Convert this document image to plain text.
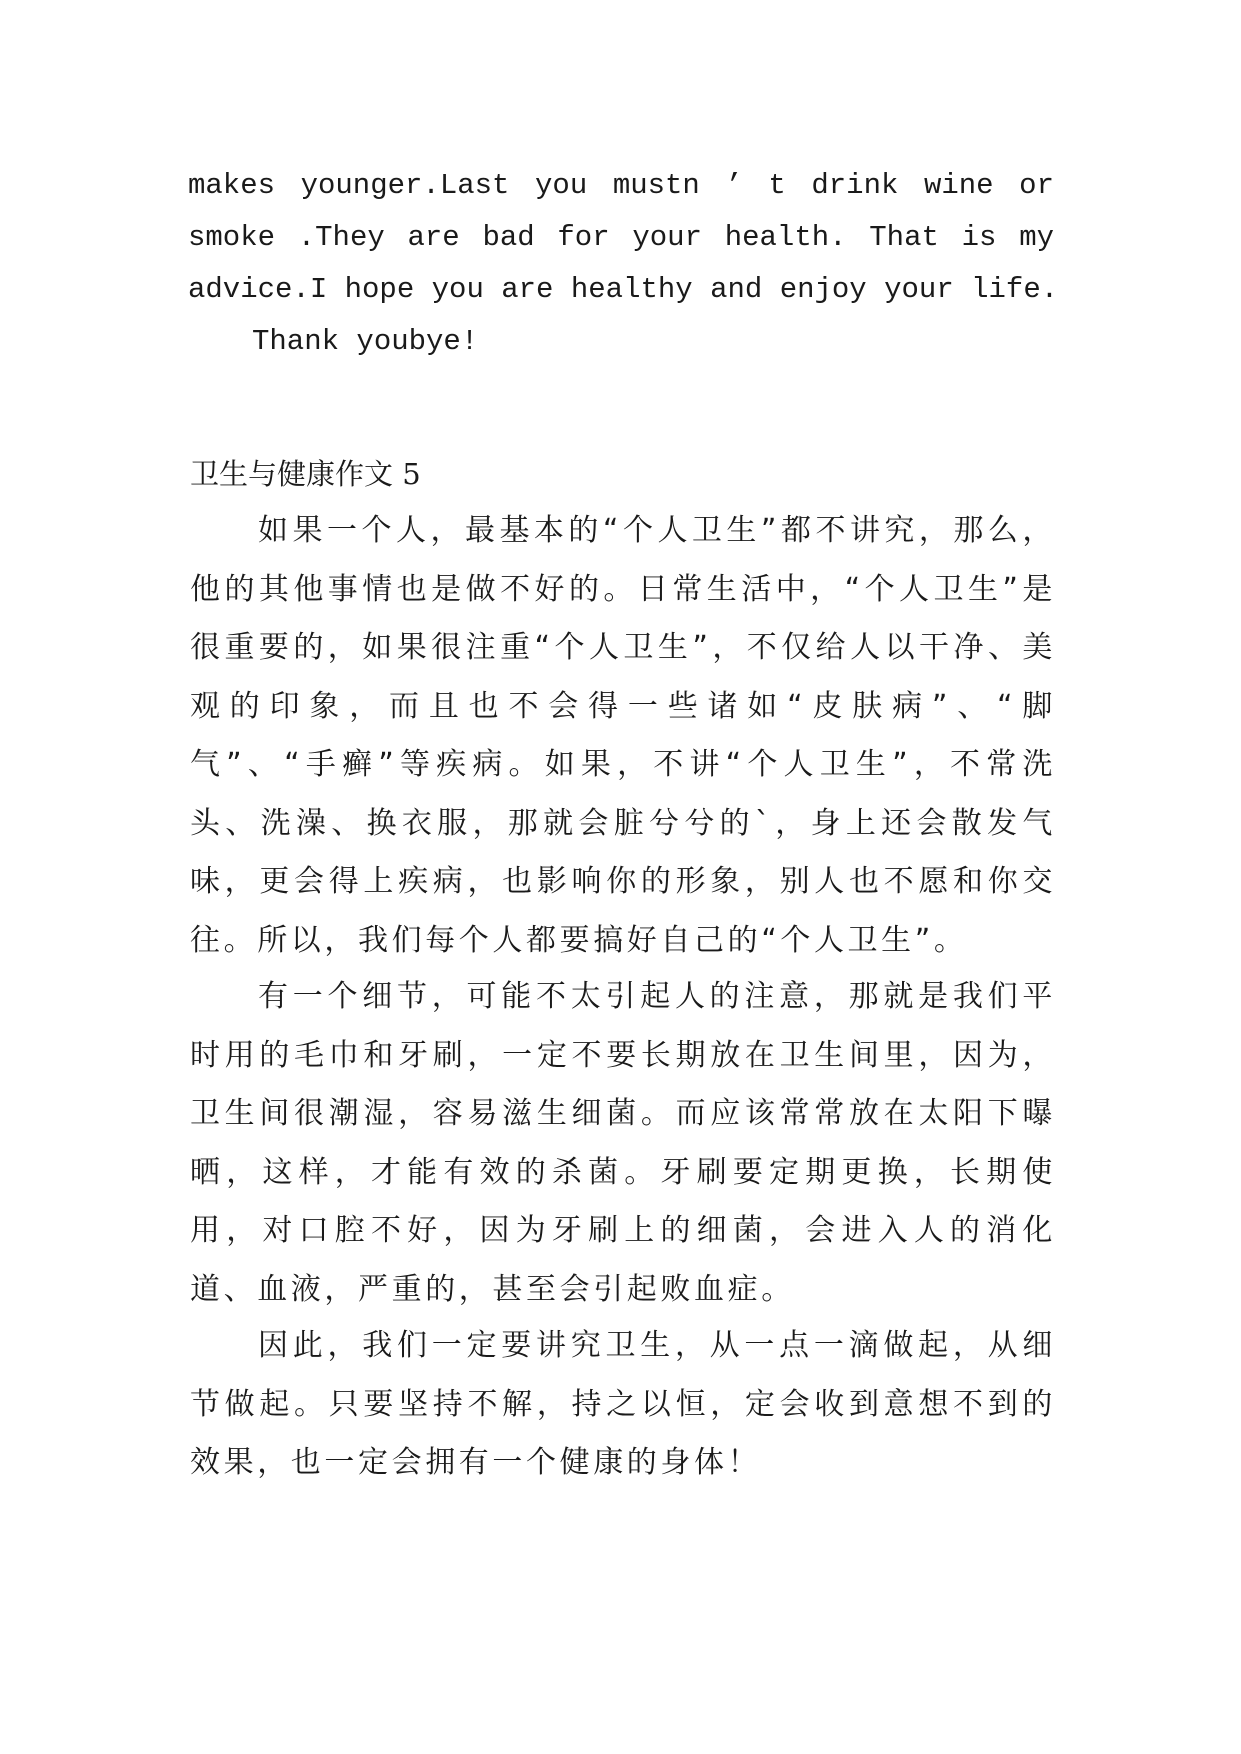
makes younger.Last you mustn ’ t drink wine or
smoke .They are bad for your health. That is my
advice.I hope you are healthy and enjoy your life.
Thank youbye!
卫生与健康作文 5

如果一个人，最基本的“个人卫生”都不讲究，那么，他的其他事情也是做不好的。日常生活中，“个人卫生”是很重要的，如果很注重“个人卫生”，不仅给人以干净、美观的印象，而且也不会得一些诸如“皮肤病”、“脚气”、“手癣”等疾病。如果，不讲“个人卫生”，不常洗头、洗澡、换衣服，那就会脏兮兮的`，身上还会散发气味，更会得上疾病，也影响你的形象，别人也不愿和你交往。所以，我们每个人都要搞好自己的“个人卫生”。

有一个细节，可能不太引起人的注意，那就是我们平时用的毛巾和牙刷，一定不要长期放在卫生间里，因为，卫生间很潮湿，容易滋生细菌。而应该常常放在太阳下曝晒，这样，才能有效的杀菌。牙刷要定期更换，长期使用，对口腔不好，因为牙刷上的细菌，会进入人的消化道、血液，严重的，甚至会引起败血症。

因此，我们一定要讲究卫生，从一点一滴做起，从细节做起。只要坚持不解，持之以恒，定会收到意想不到的效果，也一定会拥有一个健康的身体！
